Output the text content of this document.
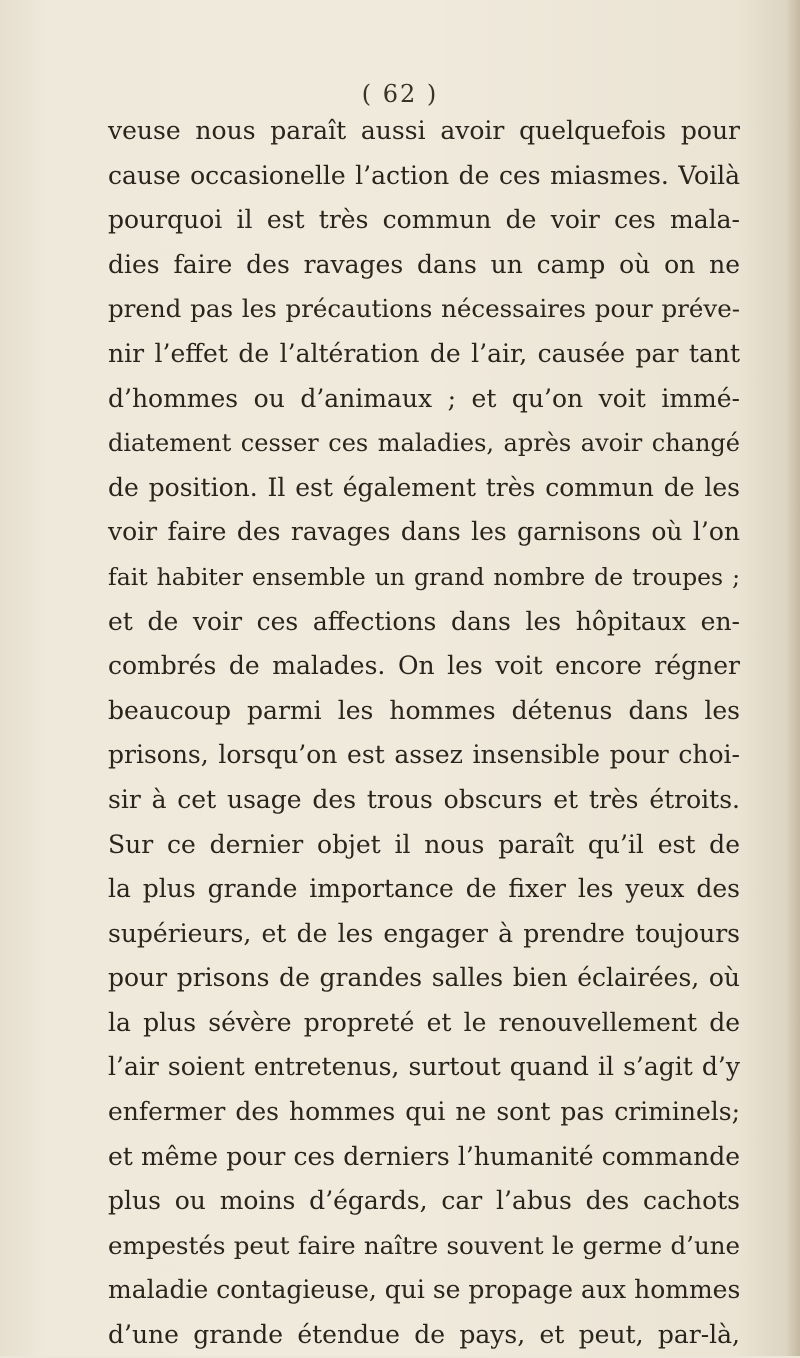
( 62 )
veuse nous paraît aussi avoir quelquefois pour
cause occasionelle l’action de ces miasmes. Voilà
pourquoi il est très commun de voir ces mala-
dies faire des ravages dans un camp où on ne
prend pas les précautions nécessaires pour préve-
nir l’effet de l’altération de l’air, causée par tant
d’hommes ou d’animaux ; et qu’on voit immé-
diatement cesser ces maladies, après avoir changé
de position. Il est également très commun de les
voir faire des ravages dans les garnisons où l’on
fait habiter ensemble un grand nombre de troupes ;
et de voir ces affections dans les hôpitaux en-
combrés de malades. On les voit encore régner
beaucoup parmi les hommes détenus dans les
prisons, lorsqu’on est assez insensible pour choi-
sir à cet usage des trous obscurs et très étroits.
Sur ce dernier objet il nous paraît qu’il est de
la plus grande importance de fixer les yeux des
supérieurs, et de les engager à prendre toujours
pour prisons de grandes salles bien éclairées, où
la plus sévère propreté et le renouvellement de
l’air soient entretenus, surtout quand il s’agit d’y
enfermer des hommes qui ne sont pas criminels;
et même pour ces derniers l’humanité commande
plus ou moins d’égards, car l’abus des cachots
empestés peut faire naître souvent le germe d’une
maladie contagieuse, qui se propage aux hommes
d’une grande étendue de pays, et peut, par-là,
